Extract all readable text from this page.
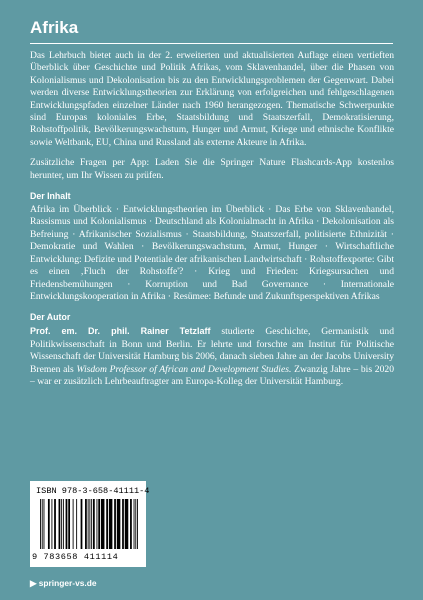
Afrika

Das Lehrbuch bietet auch in der 2. erweiterten und aktualisierten Auflage einen vertieften Überblick über Geschichte und Politik Afrikas, vom Sklavenhandel, über die Phasen von Kolonialismus und Dekolonisation bis zu den Entwicklungsproblemen der Gegenwart. Dabei werden diverse Entwicklungstheorien zur Erklärung von erfolgreichen und fehlgeschlagenen Entwicklungspfaden einzelner Länder nach 1960 herangezogen. Thematische Schwerpunkte sind Europas koloniales Erbe, Staatsbildung und Staatszerfall, Demokratisierung, Rohstoffpolitik, Bevölkerungswachstum, Hunger und Armut, Kriege und ethnische Konflikte sowie Weltbank, EU, China und Russland als externe Akteure in Afrika.

Zusätzliche Fragen per App: Laden Sie die Springer Nature Flashcards-App kostenlos herunter, um Ihr Wissen zu prüfen.

Der Inhalt

Afrika im Überblick · Entwicklungstheorien im Überblick · Das Erbe von Sklavenhandel, Rassismus und Kolonialismus · Deutschland als Kolonialmacht in Afrika · Dekolonisation als Befreiung · Afrikanischer Sozialismus · Staatsbildung, Staatszerfall, politisierte Ethnizität · Demokratie und Wahlen · Bevölkerungswachstum, Armut, Hunger · Wirtschaftliche Entwicklung: Defizite und Potentiale der afrikanischen Landwirtschaft · Rohstoffexporte: Gibt es einen ‚Fluch der Rohstoffe'? · Krieg und Frieden: Kriegsursachen und Friedensbemühungen · Korruption und Bad Governance · Internationale Entwicklungskooperation in Afrika · Resümee: Befunde und Zukunftsperspektiven Afrikas

Der Autor

Prof. em. Dr. phil. Rainer Tetzlaff studierte Geschichte, Germanistik und Politikwissenschaft in Bonn und Berlin. Er lehrte und forschte am Institut für Politische Wissenschaft der Universität Hamburg bis 2006, danach sieben Jahre an der Jacobs University Bremen als Wisdom Professor of African and Development Studies. Zwanzig Jahre – bis 2020 – war er zusätzlich Lehrbeauftragter am Europa-Kolleg der Universität Hamburg.

ISBN 978-3-658-41111-4
9 783658 411114
▶ springer-vs.de
